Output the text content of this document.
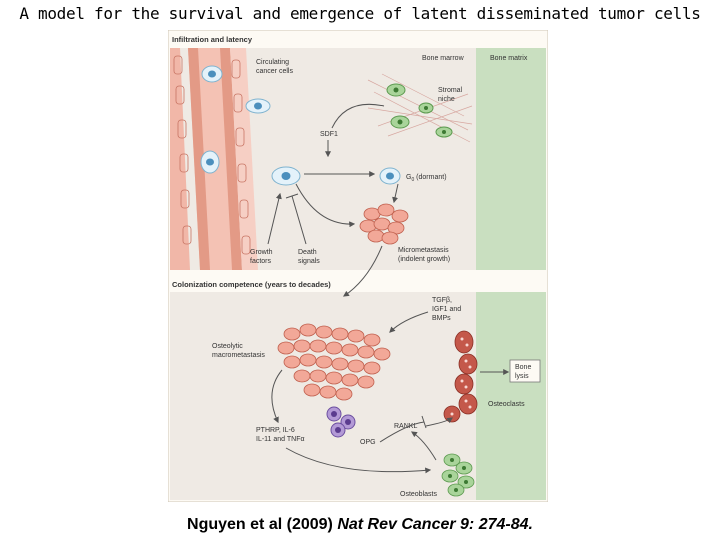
A model for the survival and emergence of latent disseminated tumor cells
Infiltration and latency
Colonization competence (years to decades)
Circulating
cancer cells
Bone marrow	Bone matrix
Stromal
niche
SDF1
$G_0$ (dormant)
Micrometastasis
(indolent growth)
Growth
factors
Death
signals
Osteolytic
macrometastasis
TGFβ,
IGF1 and
BMPs
Osteoclasts
Bone
lysis
PTHRP, IL-6
IL-11 and TNFα
RANKL
OPG
Osteoblasts
Nguyen et al (2009) Nat Rev Cancer 9: 274-84.
